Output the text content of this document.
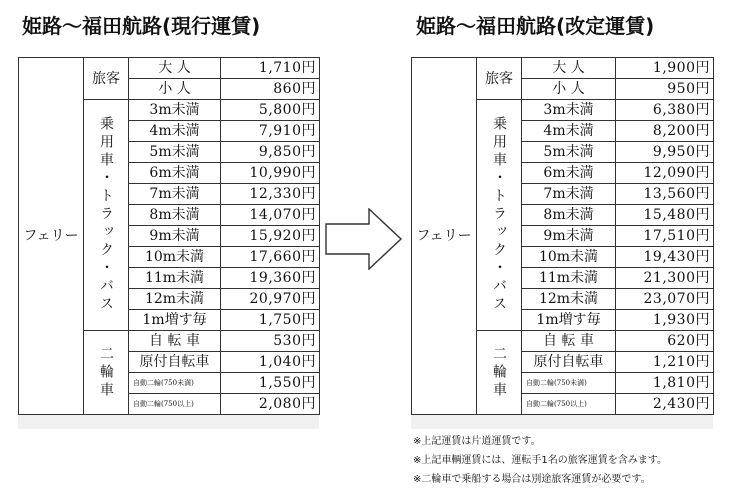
姫路〜福田航路(現行運賃)	姫路〜福田航路(改定運賃)
フェリー	旅客	大 人	1,710円
		小 人	860円

	乗用車・トラック・バス	3m未満	5,800円
		4m未満	7,910円
		5m未満	9,850円
		6m未満	10,990円
		7m未満	12,330円
		8m未満	14,070円
		9m未満	15,920円
		10m未満	17,660円
		11m未満	19,360円
		12m未満	20,970円
		1m増す毎	1,750円

	二輪車	自 転 車	530円
		原付自転車	1,040円
		自動二輪(750未満)	1,550円
		自動二輪(750以上)	2,080円
フェリー	旅客	大 人	1,900円
		小 人	950円

	乗用車・トラック・バス	3m未満	6,380円
		4m未満	8,200円
		5m未満	9,950円
		6m未満	12,090円
		7m未満	13,560円
		8m未満	15,480円
		9m未満	17,510円
		10m未満	19,430円
		11m未満	21,300円
		12m未満	23,070円
		1m増す毎	1,930円

	二輪車	自 転 車	620円
		原付自転車	1,210円
		自動二輪(750未満)	1,810円
		自動二輪(750以上)	2,430円
※上記運賃は片道運賃です。
※上記車輌運賃には、運転手1名の旅客運賃を含みます。
※二輪車で乗船する場合は別途旅客運賃が必要です。
